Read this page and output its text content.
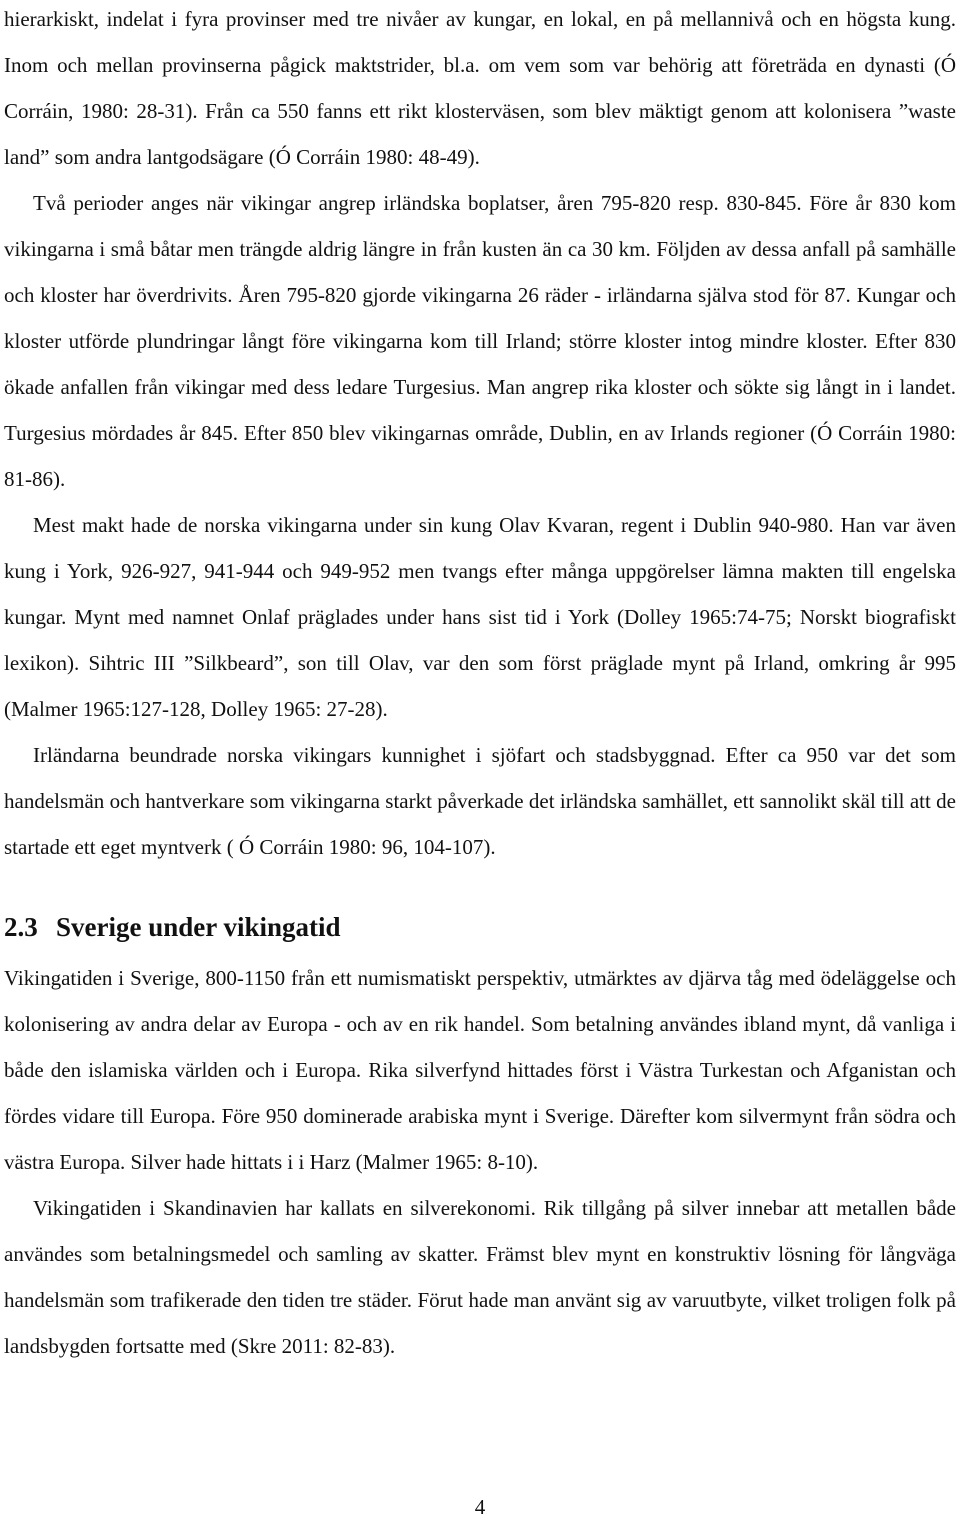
hierarkiskt, indelat i fyra provinser med tre nivåer av kungar, en lokal, en på mellannivå och en högsta kung. Inom och mellan provinserna pågick maktstrider, bl.a. om vem som var behörig att företräda en dynasti (Ó Corráin, 1980: 28-31). Från ca 550 fanns ett rikt klosterväsen, som blev mäktigt genom att kolonisera ”waste land” som andra lantgodsägare (Ó Corráin 1980: 48-49).

Två perioder anges när vikingar angrep irländska boplatser, åren 795-820 resp. 830-845. Före år 830 kom vikingarna i små båtar men trängde aldrig längre in från kusten än ca 30 km. Följden av dessa anfall på samhälle och kloster har överdrivits. Åren 795-820 gjorde vikingarna 26 räder - irländarna själva stod för 87. Kungar och kloster utförde plundringar långt före vikingarna kom till Irland; större kloster intog mindre kloster. Efter 830 ökade anfallen från vikingar med dess ledare Turgesius. Man angrep rika kloster och sökte sig långt in i landet. Turgesius mördades år 845. Efter 850 blev vikingarnas område, Dublin, en av Irlands regioner (Ó Corráin 1980: 81-86).

Mest makt hade de norska vikingarna under sin kung Olav Kvaran, regent i Dublin 940-980. Han var även kung i York, 926-927, 941-944 och 949-952 men tvangs efter många uppgörelser lämna makten till engelska kungar. Mynt med namnet Onlaf präglades under hans sist tid i York (Dolley 1965:74-75; Norskt biografiskt lexikon). Sihtric III ”Silkbeard”, son till Olav, var den som först präglade mynt på Irland, omkring år 995 (Malmer 1965:127-128, Dolley 1965: 27-28).

Irländarna beundrade norska vikingars kunnighet i sjöfart och stadsbyggnad. Efter ca 950 var det som handelsmän och hantverkare som vikingarna starkt påverkade det irländska samhället, ett sannolikt skäl till att de startade ett eget myntverk ( Ó Corráin 1980: 96, 104-107).

2.3 Sverige under vikingatid

Vikingatiden i Sverige, 800-1150 från ett numismatiskt perspektiv, utmärktes av djärva tåg med ödeläggelse och kolonisering av andra delar av Europa - och av en rik handel. Som betalning användes ibland mynt, då vanliga i både den islamiska världen och i Europa. Rika silverfynd hittades först i Västra Turkestan och Afganistan och fördes vidare till Europa. Före 950 dominerade arabiska mynt i Sverige. Därefter kom silvermynt från södra och västra Europa. Silver hade hittats i i Harz (Malmer 1965: 8-10).

Vikingatiden i Skandinavien har kallats en silverekonomi. Rik tillgång på silver innebar att metallen både användes som betalningsmedel och samling av skatter. Främst blev mynt en konstruktiv lösning för långväga handelsmän som trafikerade den tiden tre städer. Förut hade man använt sig av varuutbyte, vilket troligen folk på landsbygden fortsatte med (Skre 2011: 82-83).

4
